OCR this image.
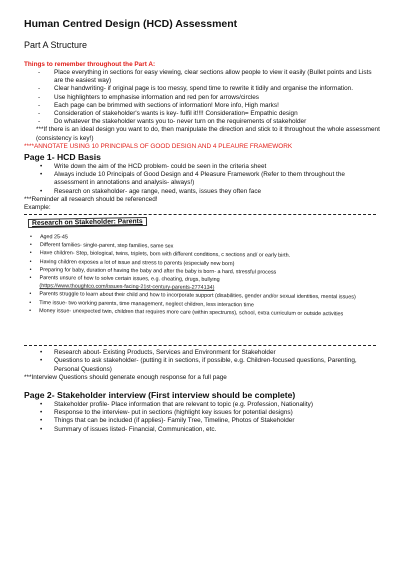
Human Centred Design (HCD) Assessment
Part A Structure
Things to remember throughout the Part A:
- Place everything in sections for easy viewing, clear sections allow people to view it easily (Bullet points and Lists are the easiest way)
- Clear handwriting- if original page is too messy, spend time to rewrite it tidily and organise the information.
- Use highlighters to emphasise information and red pen for arrows/circles
- Each page can be brimmed with sections of information! More info, High marks!
- Consideration of stakeholder's wants is key- fulfil it!!!! Consideration= Empathic design
- Do whatever the stakeholder wants you to- never turn on the requirements of stakeholder
***If there is an ideal design you want to do, then manipulate the direction and stick to it throughout the whole assessment (consistency is key!)
****ANNOTATE USING 10 PRINCIPALS OF GOOD DESIGN AND 4 PLEAURE FRAMEWORK
Page 1- HCD Basis
• Write down the aim of the HCD problem- could be seen in the criteria sheet
• Always include 10 Principals of Good Design and 4 Pleasure Framework (Refer to them throughout the assessment in annotations and analysis- always!)
• Research on stakeholder- age range, need, wants, issues they often face
***Reminder all research should be referenced!
Example:
Research on Stakeholder: Parents
• Aged 25-45
• Different families- single-parent, step families, same sex
• Have children- Step, biological, twins, triplets, born with different conditions, c sections and/ or early birth.
• Having children exposes a lot of issue and stress to parents (especially new born)
• Preparing for baby, duration of having the baby and after the baby is born- a hard, stressful process
• Parents unsure of how to solve certain issues, e.g. cheating, drugs, bullying
(https://www.thoughtco.com/issues-facing-21st-century-parents-2774134)
• Parents struggle to learn about their child and how to incorporate support (disabilities, gender and/or sexual identities, mental issues)
• Time issue- two working parents, time management, neglect children, less interaction time
• Money issue- unexpected twin, children that requires more care (within spectrums), school, extra curriculum or outside activities
• Research about- Existing Products, Services and Environment for Stakeholder
• Questions to ask stakeholder- (putting it in sections, if possible, e.g. Children-focused questions, Parenting, Personal Questions)
***Interview Questions should generate enough response for a full page
Page 2- Stakeholder interview (First interview should be complete)
• Stakeholder profile- Place information that are relevant to topic (e.g. Profession, Nationality)
• Response to the interview- put in sections (highlight key issues for potential designs)
• Things that can be included (if applies)- Family Tree, Timeline, Photos of Stakeholder
• Summary of issues listed- Financial, Communication, etc.
